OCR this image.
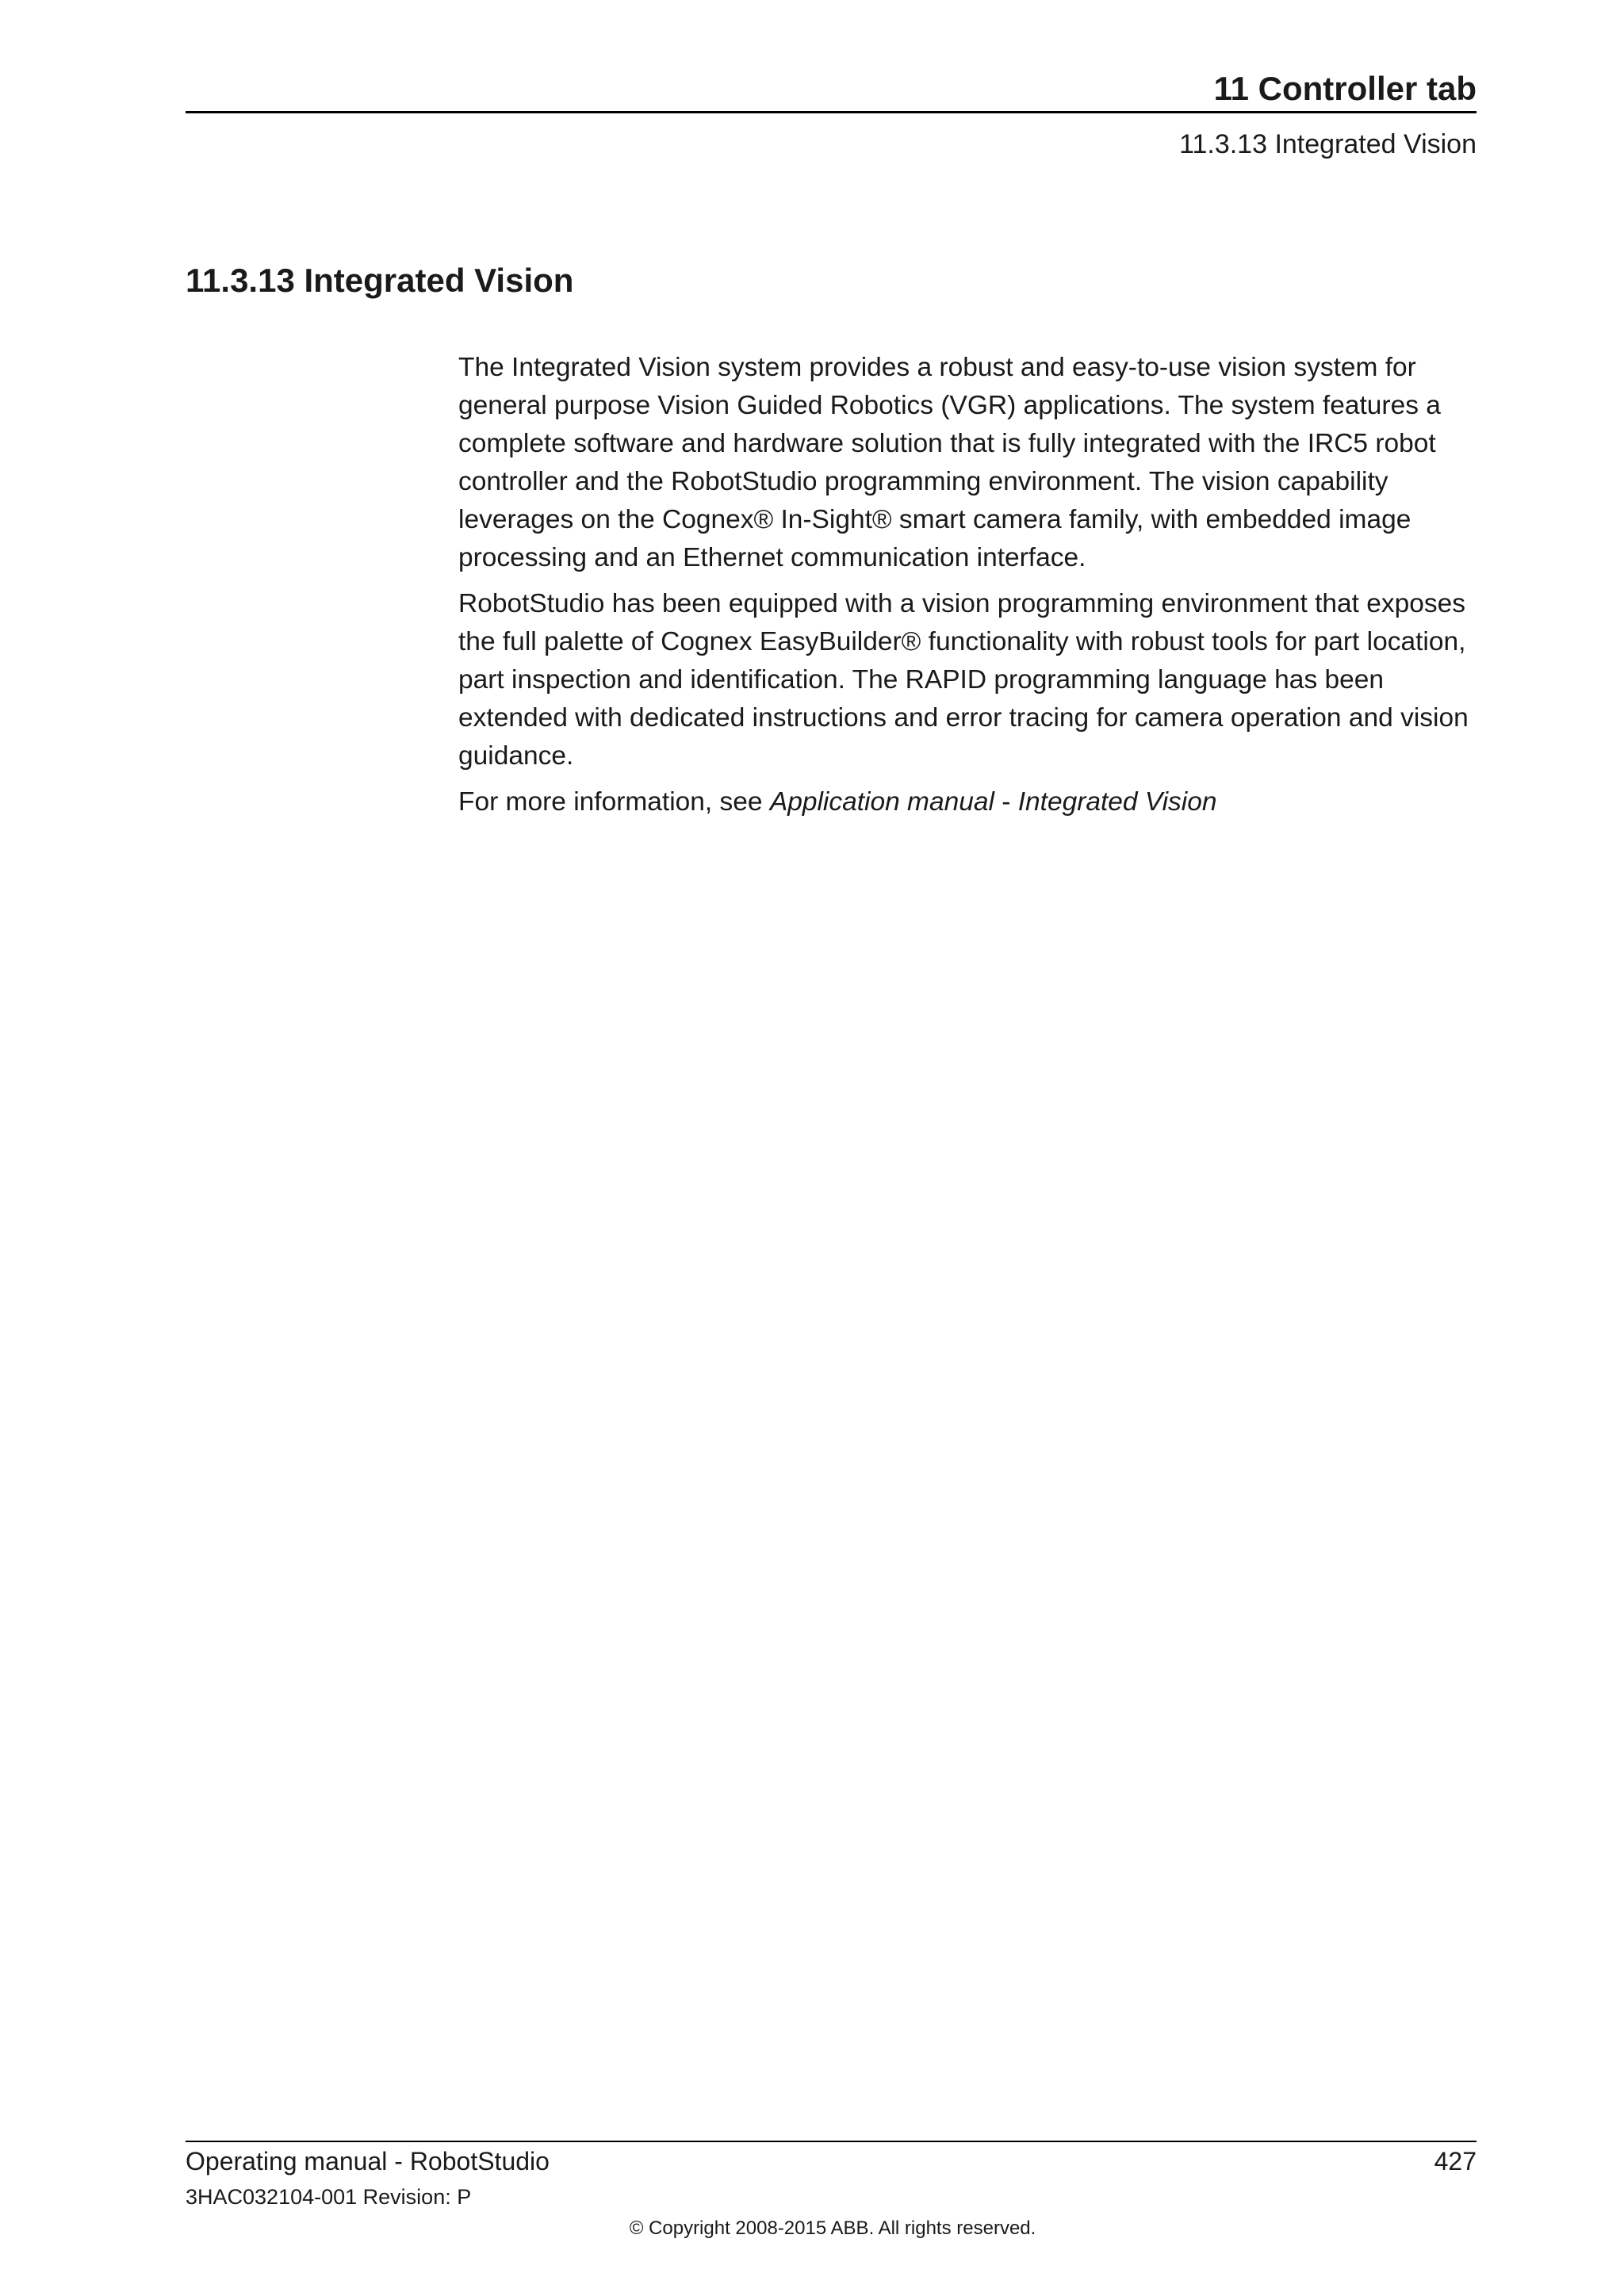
11 Controller tab
11.3.13 Integrated Vision
11.3.13 Integrated Vision

The Integrated Vision system provides a robust and easy-to-use vision system for general purpose Vision Guided Robotics (VGR) applications. The system features a complete software and hardware solution that is fully integrated with the IRC5 robot controller and the RobotStudio programming environment. The vision capability leverages on the Cognex® In-Sight® smart camera family, with embedded image processing and an Ethernet communication interface.

RobotStudio has been equipped with a vision programming environment that exposes the full palette of Cognex EasyBuilder® functionality with robust tools for part location, part inspection and identification. The RAPID programming language has been extended with dedicated instructions and error tracing for camera operation and vision guidance.

For more information, see Application manual - Integrated Vision

Operating manual - RobotStudio	427
3HAC032104-001 Revision: P
© Copyright 2008-2015 ABB. All rights reserved.
